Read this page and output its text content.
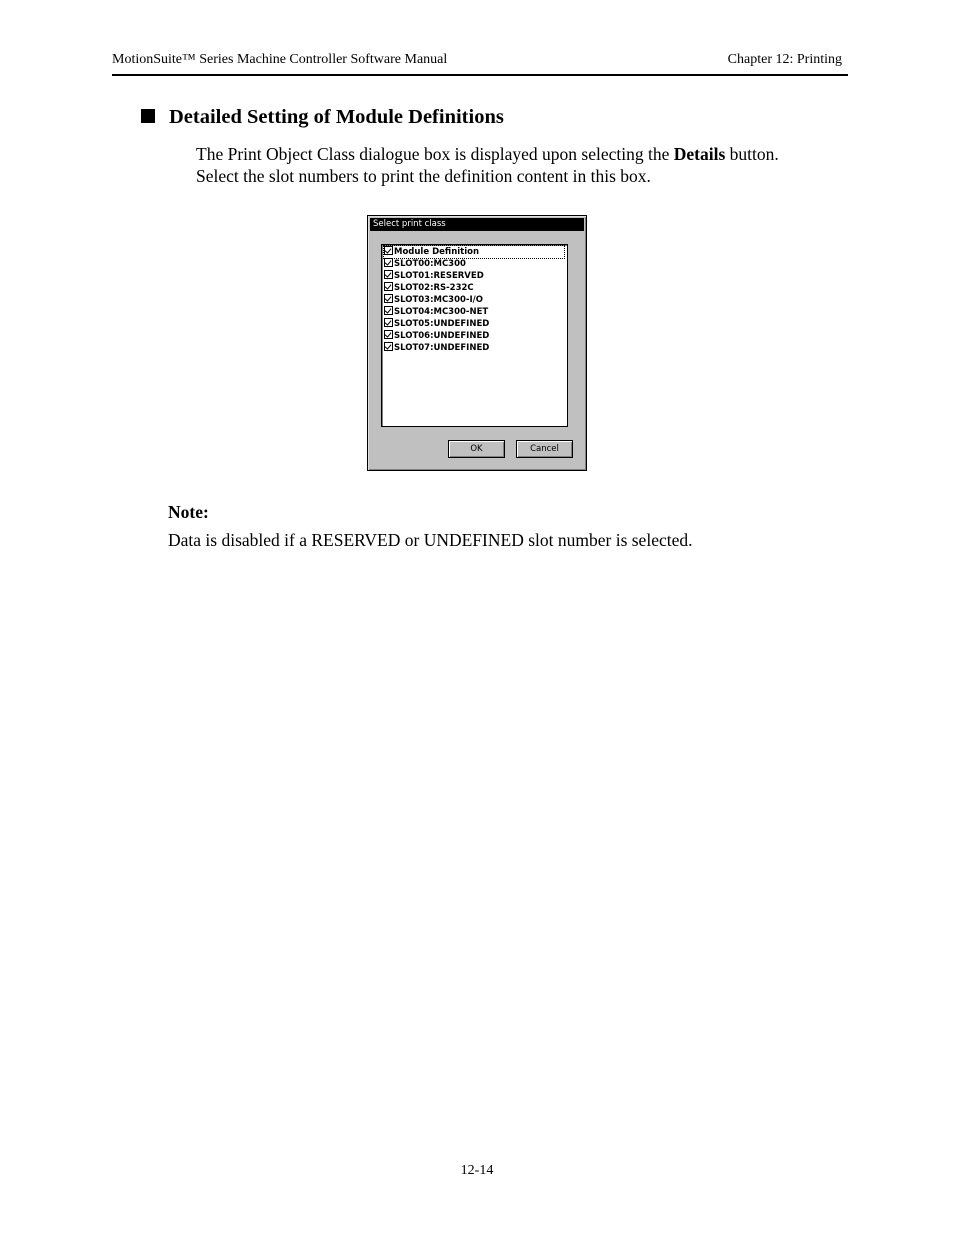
MotionSuite™ Series Machine Controller Software Manual	Chapter 12: Printing
Detailed Setting of Module Definitions
The Print Object Class dialogue box is displayed upon selecting the Details button.
Select the slot numbers to print the definition content in this box.
Select print class
Module Definition
SLOT00:MC300
SLOT01:RESERVED
SLOT02:RS-232C
SLOT03:MC300-I/O
SLOT04:MC300-NET
SLOT05:UNDEFINED
SLOT06:UNDEFINED
SLOT07:UNDEFINED
OK	Cancel
Note:
Data is disabled if a RESERVED or UNDEFINED slot number is selected.
12-14
